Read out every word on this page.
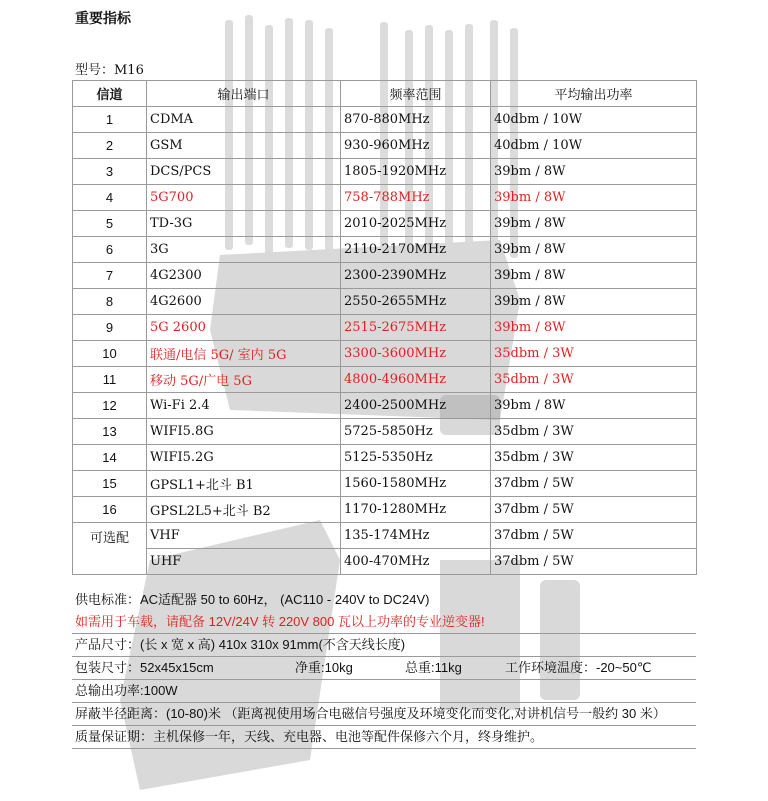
重要指标
型号：M16
信道	输出端口	频率范围	平均输出功率
1	CDMA	870-880MHz	40dbm / 10W
2	GSM	930-960MHz	40dbm / 10W
3	DCS/PCS	1805-1920MHz	39bm / 8W
4	5G700	758-788MHz	39bm / 8W
5	TD-3G	2010-2025MHz	39bm / 8W
6	3G	2110-2170MHz	39bm / 8W
7	4G2300	2300-2390MHz	39bm / 8W
8	4G2600	2550-2655MHz	39bm / 8W
9	5G 2600	2515-2675MHz	39bm / 8W
10	联通/电信 5G/ 室内 5G	3300-3600MHz	35dbm / 3W
11	移动 5G/广电 5G	4800-4960MHz	35dbm / 3W
12	Wi-Fi 2.4	2400-2500MHz	39bm / 8W
13	WIFI5.8G	5725-5850Hz	35dbm / 3W
14	WIFI5.2G	5125-5350Hz	35dbm / 3W
15	GPSL1+北斗 B1	1560-1580MHz	37dbm / 5W
16	GPSL2L5+北斗 B2	1170-1280MHz	37dbm / 5W
可选配	VHF	135-174MHz	37dbm / 5W
	UHF	400-470MHz	37dbm / 5W
供电标准：AC适配器 50 to 60Hz， (AC110 - 240V to DC24V)
如需用于车载，请配备 12V/24V 转 220V 800 瓦以上功率的专业逆变器!
产品尺寸：(长 x 宽 x 高) 410x 310x 91mm(不含天线长度)
包装尺寸：52x45x15cm	净重:10kg	总重:11kg	工作环境温度：-20~50℃
总输出功率:100W
屏蔽半径距离：(10-80)米 （距离视使用场合电磁信号强度及环境变化而变化,对讲机信号一般约 30 米）
质量保证期：主机保修一年，天线、充电器、电池等配件保修六个月，终身维护。
